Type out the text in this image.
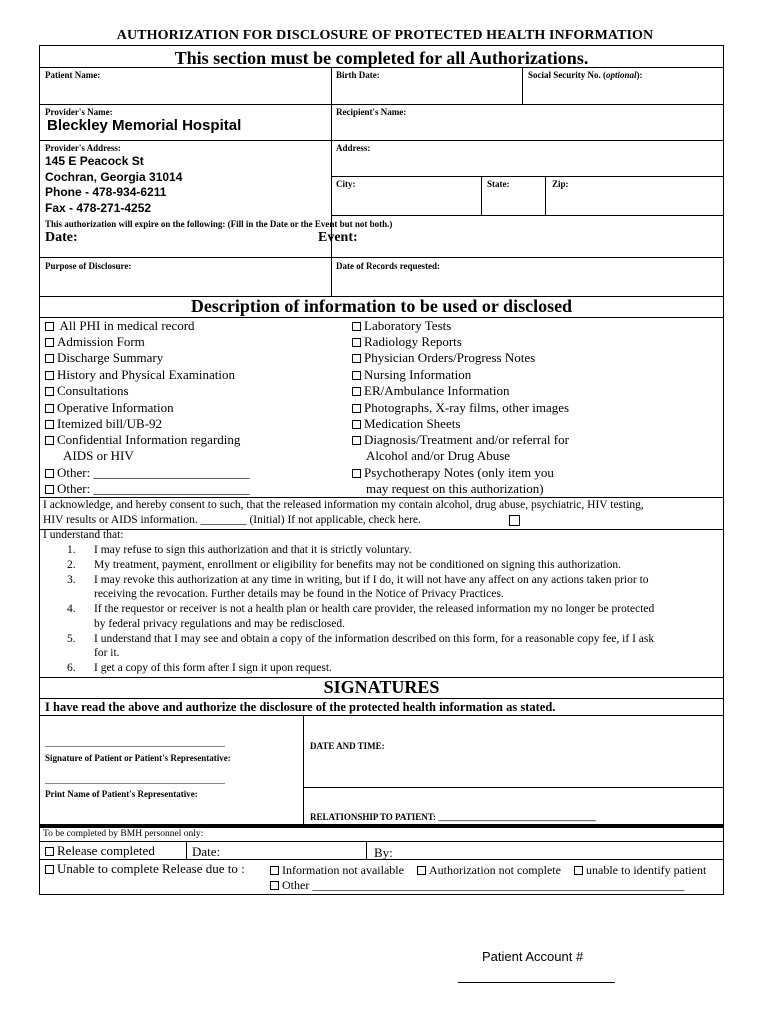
AUTHORIZATION FOR DISCLOSURE OF PROTECTED HEALTH INFORMATION
This section must be completed for all Authorizations.
Patient Name:	Birth Date:	Social Security No. (optional):
Provider's Name:
Bleckley Memorial Hospital
Recipient's Name:
Provider's Address:
145 E Peacock St
Cochran, Georgia 31014
Phone - 478-934-6211
Fax - 478-271-4252
Address:
City:	State:	Zip:
This authorization will expire on the following: (Fill in the Date or the Event but not both.)
Date:	Event:
Purpose of Disclosure:	Date of Records requested:
Description of information to be used or disclosed
All PHI in medical record
Admission Form
Discharge Summary
History and Physical Examination
Consultations
Operative Information
Itemized bill/UB-92
Confidential Information regarding
AIDS or HIV
Other: ________________________
Other: ________________________
Laboratory Tests
Radiology Reports
Physician Orders/Progress Notes
Nursing Information
ER/Ambulance Information
Photographs, X-ray films, other images
Medication Sheets
Diagnosis/Treatment and/or referral for
Alcohol and/or Drug Abuse
Psychotherapy Notes (only item you
may request on this authorization)
I acknowledge, and hereby consent to such, that the released information my contain alcohol, drug abuse, psychiatric, HIV testing,
HIV results or AIDS information. ________ (Initial) If not applicable, check here.
I understand that:
1. I may refuse to sign this authorization and that it is strictly voluntary.
2. My treatment, payment, enrollment or eligibility for benefits may not be conditioned on signing this authorization.
3. I may revoke this authorization at any time in writing, but if I do, it will not have any affect on any actions taken prior to
receiving the revocation. Further details may be found in the Notice of Privacy Practices.
4. If the requestor or receiver is not a health plan or health care provider, the released information my no longer be protected
by federal privacy regulations and may be redisclosed.
5. I understand that I may see and obtain a copy of the information described on this form, for a reasonable copy fee, if I ask
for it.
6. I get a copy of this form after I sign it upon request.
SIGNATURES
I have read the above and authorize the disclosure of the protected health information as stated.
________________________________________
Signature of Patient or Patient's Representative:
________________________________________
Print Name of Patient's Representative:
DATE AND TIME:
RELATIONSHIP TO PATIENT: ___________________________________
To be completed by BMH personnel only:
Release completed	Date:	By:
Unable to complete Release due to :	Information not available	Authorization not complete	unable to identify patient
Other ______________________________________________________________
Patient Account #
